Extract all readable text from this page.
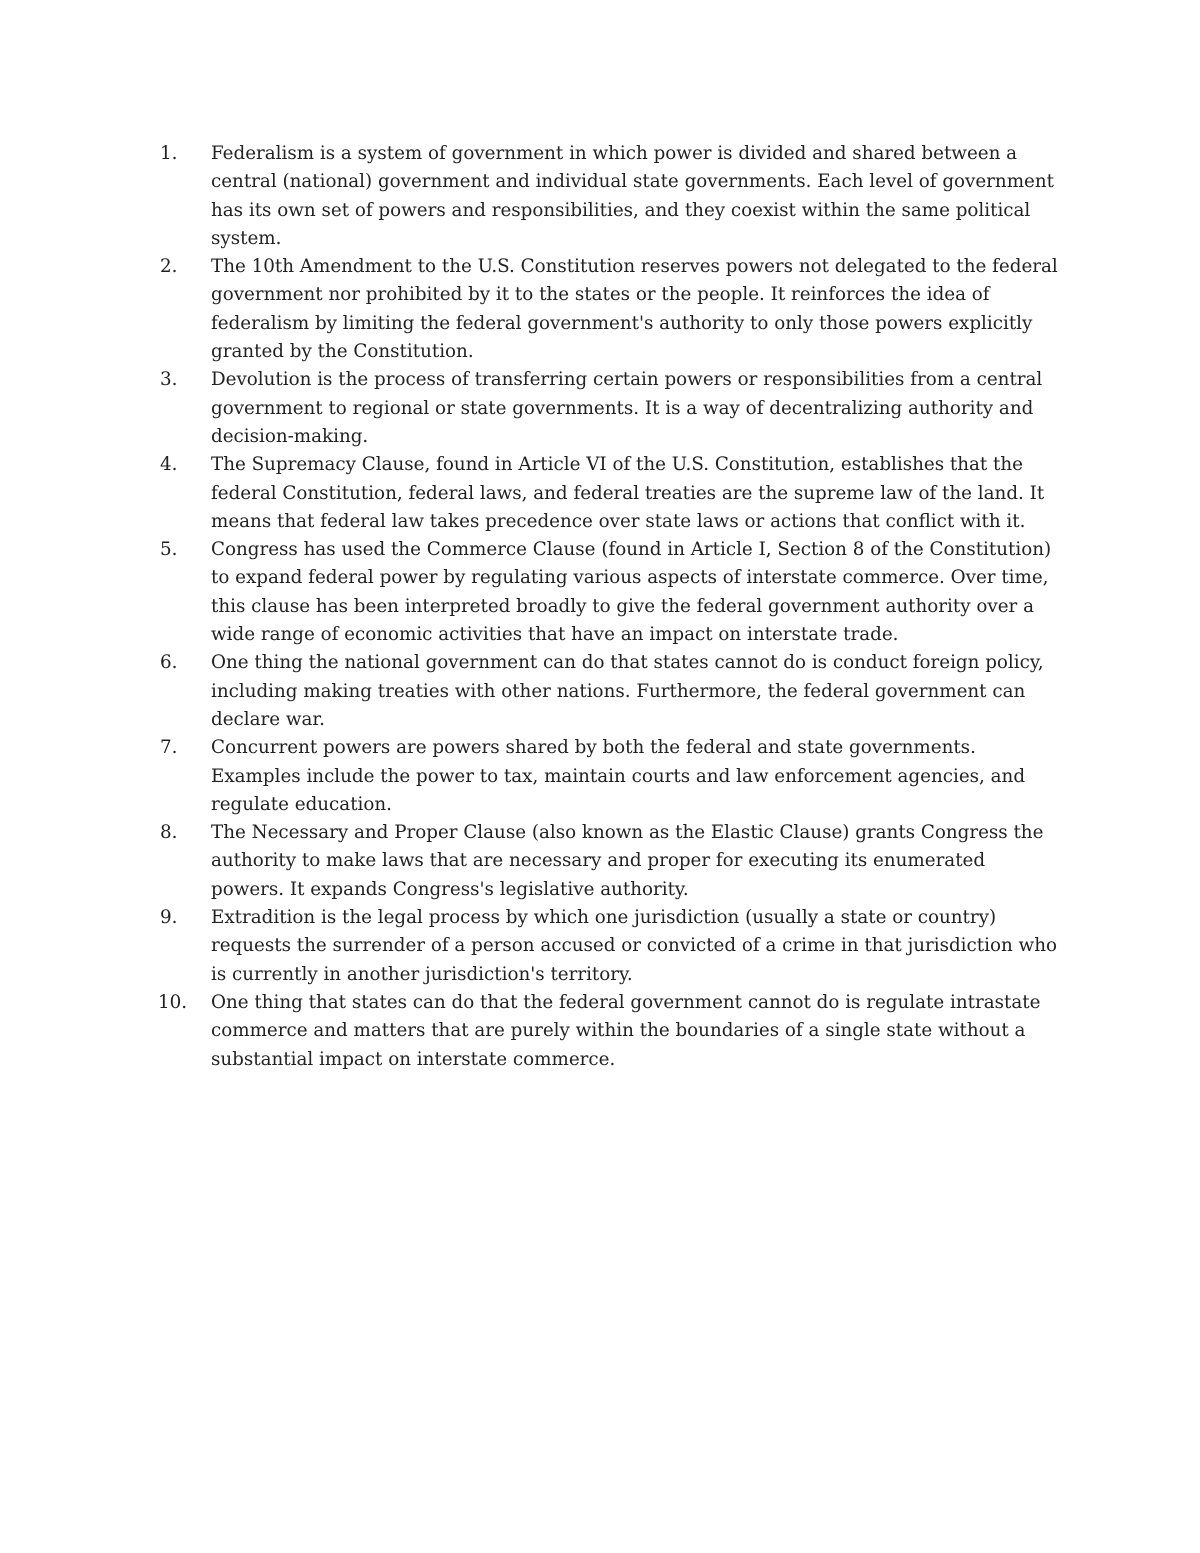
1.	Federalism is a system of government in which power is divided and shared between a central (national) government and individual state governments. Each level of government has its own set of powers and responsibilities, and they coexist within the same political system.
2.	The 10th Amendment to the U.S. Constitution reserves powers not delegated to the federal government nor prohibited by it to the states or the people. It reinforces the idea of federalism by limiting the federal government's authority to only those powers explicitly granted by the Constitution.
3.	Devolution is the process of transferring certain powers or responsibilities from a central government to regional or state governments. It is a way of decentralizing authority and decision-making.
4.	The Supremacy Clause, found in Article VI of the U.S. Constitution, establishes that the federal Constitution, federal laws, and federal treaties are the supreme law of the land. It means that federal law takes precedence over state laws or actions that conflict with it.
5.	Congress has used the Commerce Clause (found in Article I, Section 8 of the Constitution) to expand federal power by regulating various aspects of interstate commerce. Over time, this clause has been interpreted broadly to give the federal government authority over a wide range of economic activities that have an impact on interstate trade.
6.	One thing the national government can do that states cannot do is conduct foreign policy, including making treaties with other nations. Furthermore, the federal government can declare war.
7.	Concurrent powers are powers shared by both the federal and state governments. Examples include the power to tax, maintain courts and law enforcement agencies, and regulate education.
8.	The Necessary and Proper Clause (also known as the Elastic Clause) grants Congress the authority to make laws that are necessary and proper for executing its enumerated powers. It expands Congress's legislative authority.
9.	Extradition is the legal process by which one jurisdiction (usually a state or country) requests the surrender of a person accused or convicted of a crime in that jurisdiction who is currently in another jurisdiction's territory.
10.	One thing that states can do that the federal government cannot do is regulate intrastate commerce and matters that are purely within the boundaries of a single state without a substantial impact on interstate commerce.
